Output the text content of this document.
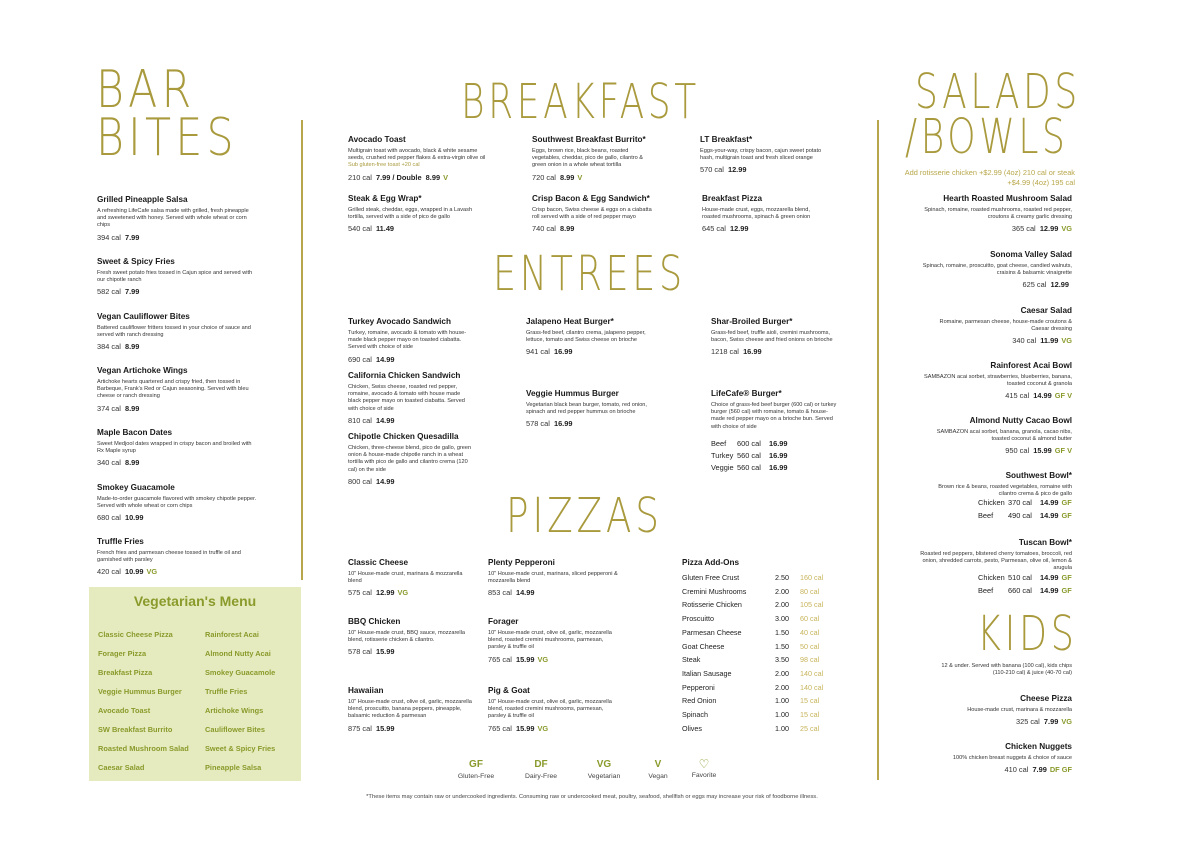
BAR
BITES
BREAKFAST
ENTREES
PIZZAS
SALADS
/BOWLS
KIDS
Add rotisserie chicken +$2.99 (4oz) 210 cal or steak +$4.99 (4oz) 195 cal
Grilled Pineapple Salsa
A refreshing LifeCafe salsa made with grilled, fresh pineapple and sweetened with honey. Served with whole wheat or corn chips
394 cal 7.99
Sweet & Spicy Fries
Fresh sweet potato fries tossed in Cajun spice and served with our chipotle ranch
582 cal 7.99
Vegan Cauliflower Bites
Battered cauliflower fritters tossed in your choice of sauce and served with ranch dressing
384 cal 8.99
Vegan Artichoke Wings
Artichoke hearts quartered and crispy fried, then tossed in Barbeque, Frank's Red or Cajun seasoning. Served with bleu cheese or ranch dressing
374 cal 8.99
Maple Bacon Dates
Sweet Medjool dates wrapped in crispy bacon and broiled with Rx Maple syrup
340 cal 8.99
Smokey Guacamole
Made-to-order guacamole flavored with smokey chipotle pepper. Served with whole wheat or corn chips
680 cal 10.99
Truffle Fries
French fries and parmesan cheese tossed in truffle oil and garnished with parsley
420 cal 10.99 VG
Vegetarian's Menu
Classic Cheese Pizza
Forager Pizza
Breakfast Pizza
Veggie Hummus Burger
Avocado Toast
SW Breakfast Burrito
Roasted Mushroom Salad
Caesar Salad
Rainforest Acai
Almond Nutty Acai
Smokey Guacamole
Truffle Fries
Artichoke Wings
Cauliflower Bites
Sweet & Spicy Fries
Pineapple Salsa
Avocado Toast
Multigrain toast with avocado, black & white sesame seeds, crushed red pepper flakes & extra-virgin olive oil Sub gluten-free toast +20 cal
210 cal 7.99 / Double 8.99 V
Southwest Breakfast Burrito*
Eggs, brown rice, black beans, roasted vegetables, cheddar, pico de gallo, cilantro & green onion in a whole wheat tortilla
720 cal 8.99 V
LT Breakfast*
Eggs-your-way, crispy bacon, cajun sweet potato hash, multigrain toast and fresh sliced orange
570 cal 12.99
Steak & Egg Wrap*
Grilled steak, cheddar, eggs, wrapped in a Lavash tortilla, served with a side of pico de gallo
540 cal 11.49
Crisp Bacon & Egg Sandwich*
Crisp bacon, Swiss cheese & eggs on a ciabatta roll served with a side of red pepper mayo
740 cal 8.99
Breakfast Pizza
House-made crust, eggs, mozzarella blend, roasted mushrooms, spinach & green onion
645 cal 12.99
Turkey Avocado Sandwich
Turkey, romaine, avocado & tomato with house-made black pepper mayo on toasted ciabatta. Served with choice of side
690 cal 14.99
California Chicken Sandwich
Chicken, Swiss cheese, roasted red pepper, romaine, avocado & tomato with house made black pepper mayo on toasted ciabatta. Served with choice of side
810 cal 14.99
Chipotle Chicken Quesadilla
Chicken, three-cheese blend, pico de gallo, green onion & house-made chipotle ranch in a wheat tortilla with pico de gallo and cilantro crema (120 cal) on the side
800 cal 14.99
Jalapeno Heat Burger*
Grass-fed beef, cilantro crema, jalapeno pepper, lettuce, tomato and Swiss cheese on brioche
941 cal 16.99
Veggie Hummus Burger
Vegetarian black bean burger, tomato, red onion, spinach and red pepper hummus on brioche
578 cal 16.99
Shar-Broiled Burger*
Grass-fed beef, truffle aioli, cremini mushrooms, bacon, Swiss cheese and fried onions on brioche
1218 cal 16.99
LifeCafe® Burger*
Choice of grass-fed beef burger (600 cal) or turkey burger (560 cal) with romaine, tomato & house-made red pepper mayo on a brioche bun. Served with choice of side
Beef 600 cal 16.99
Turkey 560 cal 16.99
Veggie 560 cal 16.99
Classic Cheese
10" House-made crust, marinara & mozzarella blend
575 cal 12.99 VG
Plenty Pepperoni
10" House-made crust, marinara, sliced pepperoni & mozzarella blend
853 cal 14.99
BBQ Chicken
10" House-made crust, BBQ sauce, mozzarella blend, rotisserie chicken & cilantro.
578 cal 15.99
Forager
10" House-made crust, olive oil, garlic, mozzarella blend, roasted cremini mushrooms, parmesan, parsley & truffle oil
765 cal 15.99 VG
Hawaiian
10" House-made crust, olive oil, garlic, mozzarella blend, proscuitto, banana peppers, pineapple, balsamic reduction & parmesan
875 cal 15.99
Pig & Goat
10" House-made crust, olive oil, garlic, mozzarella blend, roasted cremini mushrooms, parmesan, parsley & truffle oil
765 cal 15.99 VG
Pizza Add-Ons
Gluten Free Crust	2.50 160 cal
Cremini Mushrooms	2.00 80 cal
Rotisserie Chicken	2.00 105 cal
Proscuitto	3.00 60 cal
Parmesan Cheese	1.50 40 cal
Goat Cheese	1.50 50 cal
Steak	3.50 98 cal
Italian Sausage	2.00 140 cal
Pepperoni	2.00 140 cal
Red Onion	1.00 15 cal
Spinach	1.00 15 cal
Olives	1.00 25 cal
GF
Gluten-Free
DF
Dairy-Free
VG
Vegetarian
V
Vegan
♡
Favorite
*These items may contain raw or undercooked ingredients. Consuming raw or undercooked meat, poultry, seafood, shellfish or eggs may increase your risk of foodborne illness.
Hearth Roasted Mushroom Salad
Spinach, romaine, roasted mushrooms, roasted red pepper, croutons & creamy garlic dressing
365 cal 12.99 VG
Sonoma Valley Salad
Spinach, romaine, proscuitto, goat cheese, candied walnuts, craisins & balsamic vinaigrette
625 cal 12.99
Caesar Salad
Romaine, parmesan cheese, house-made croutons & Caesar dressing
340 cal 11.99 VG
Rainforest Acai Bowl
SAMBAZON acai sorbet, strawberries, blueberries, banana, toasted coconut & granola
415 cal 14.99 GF V
Almond Nutty Cacao Bowl
SAMBAZON acai sorbet, banana, granola, cacao nibs, toasted coconut & almond butter
950 cal 15.99 GF V
Southwest Bowl*
Brown rice & beans, roasted vegetables, romaine with cilantro crema & pico de gallo
Chicken 370 cal 14.99 GF
Beef 490 cal 14.99 GF
Tuscan Bowl*
Roasted red peppers, blistered cherry tomatoes, broccoli, red onion, shredded carrots, pesto, Parmesan, olive oil, lemon & arugula
Chicken 510 cal 14.99 GF
Beef 660 cal 14.99 GF
12 & under. Served with banana (100 cal), kids chips (110-210 cal) & juice (40-70 cal)
Cheese Pizza
House-made crust, marinara & mozzarella
325 cal 7.99 VG
Chicken Nuggets
100% chicken breast nuggets & choice of sauce
410 cal 7.99 DF GF
